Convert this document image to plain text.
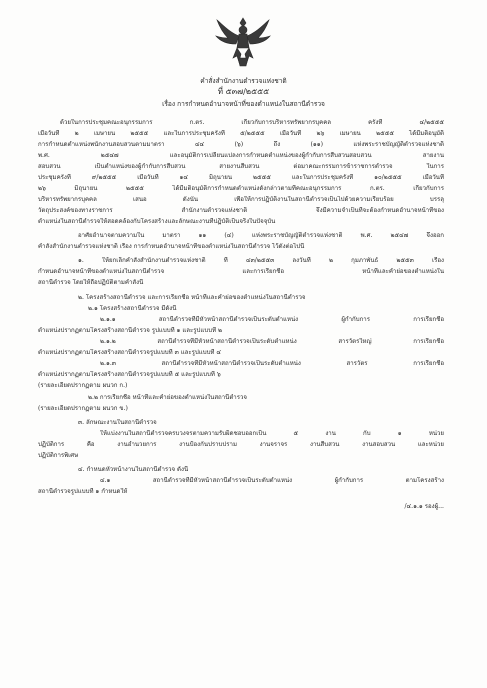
คำสั่งสำนักงานตำรวจแห่งชาติ
ที่ ๕๓๗/๒๕๕๕
เรื่อง การกำหนดอำนาจหน้าที่ของตำแหน่งในสถานีตำรวจ
ด้วยในการประชุมคณะอนุกรรมการ ก.ตร. เกี่ยวกับการบริหารทรัพยากรบุคคล ครั้งที่ ๔/๒๕๕๕
เมื่อวันที่ ๒ เมษายน ๒๕๕๕ และในการประชุมครั้งที่ ๕/๒๕๕๕ เมื่อวันที่ ๒๖ เมษายน ๒๕๕๕ ได้มีมติอนุมัติ
การกำหนดตำแหน่งพนักงานสอบสวนตามมาตรา ๔๔ (๖) ถึง (๑๑) แห่งพระราชบัญญัติตำรวจแห่งชาติ
พ.ศ. ๒๕๔๗ และอนุมัติการเปลี่ยนแปลงการกำหนดตำแหน่งของผู้กำกับการสืบสวนสอบสวน สายงาน
สอบสวน เป็นตำแหน่งของผู้กำกับการสืบสวน สายงานสืบสวน ต่อมาคณะกรรมการข้าราชการตำรวจ ในการ
ประชุมครั้งที่ ๙/๒๕๕๕ เมื่อวันที่ ๑๔ มิถุนายน ๒๕๕๕ และในการประชุมครั้งที่ ๑๐/๒๕๕๕ เมื่อวันที่
๒๖ มิถุนายน ๒๕๕๕ ได้มีมติอนุมัติการกำหนดตำแหน่งดังกล่าวตามที่คณะอนุกรรมการ ก.ตร. เกี่ยวกับการ
บริหารทรัพยากรบุคคล เสนอ ดังนั้น เพื่อให้การปฏิบัติงานในสถานีตำรวจเป็นไปด้วยความเรียบร้อย บรรลุ
วัตถุประสงค์ของทางราชการ สำนักงานตำรวจแห่งชาติ จึงมีความจำเป็นที่จะต้องกำหนดอำนาจหน้าที่ของ
ตำแหน่งในสถานีตำรวจให้สอดคล้องกับโครงสร้างและลักษณะงานที่ปฏิบัติเป็นจริงในปัจจุบัน
อาศัยอำนาจตามความใน มาตรา ๑๑ (๔) แห่งพระราชบัญญัติตำรวจแห่งชาติ พ.ศ. ๒๕๔๗ จึงออก
คำสั่งสำนักงานตำรวจแห่งชาติ เรื่อง การกำหนดอำนาจหน้าที่ของตำแหน่งในสถานีตำรวจ ไว้ดังต่อไปนี้
๑. ให้ยกเลิกคำสั่งสำนักงานตำรวจแห่งชาติ ที่ ๔๓/๒๕๕๓ ลงวันที่ ๒ กุมภาพันธ์ ๒๕๕๓ เรื่อง
กำหนดอำนาจหน้าที่ของตำแหน่งในสถานีตำรวจ และการเรียกชื่อ หน้าที่และคำย่อของตำแหน่งใน
สถานีตำรวจ โดยให้ถือปฏิบัติตามคำสั่งนี้
๒. โครงสร้างสถานีตำรวจ และการเรียกชื่อ หน้าที่และคำย่อของตำแหน่งในสถานีตำรวจ
๒.๑ โครงสร้างสถานีตำรวจ มีดังนี้
๒.๑.๑ สถานีตำรวจที่มีหัวหน้าสถานีตำรวจเป็นระดับตำแหน่ง ผู้กำกับการ การเรียกชื่อ
ตำแหน่งปรากฏตามโครงสร้างสถานีตำรวจ รูปแบบที่ ๑ และรูปแบบที่ ๒
๒.๑.๒ สถานีตำรวจที่มีหัวหน้าสถานีตำรวจเป็นระดับตำแหน่ง สารวัตรใหญ่ การเรียกชื่อ
ตำแหน่งปรากฏตามโครงสร้างสถานีตำรวจรูปแบบที่ ๓ และรูปแบบที่ ๔
๒.๑.๓ สถานีตำรวจที่มีหัวหน้าสถานีตำรวจเป็นระดับตำแหน่ง สารวัตร การเรียกชื่อ
ตำแหน่งปรากฏตามโครงสร้างสถานีตำรวจรูปแบบที่ ๕ และรูปแบบที่ ๖
(รายละเอียดปรากฏตาม ผนวก ก.)
๒.๒ การเรียกชื่อ หน้าที่และคำย่อของตำแหน่งในสถานีตำรวจ
(รายละเอียดปรากฏตาม ผนวก ข.)
๓. ลักษณะงานในสถานีตำรวจ
ให้แบ่งงานในสถานีตำรวจครบวงจรตามความรับผิดชอบออกเป็น ๕ งาน กับ ๑ หน่วย
ปฏิบัติการ คือ งานอำนวยการ งานป้องกันปราบปราม งานจราจร งานสืบสวน งานสอบสวน และหน่วย
ปฏิบัติการพิเศษ
๔. กำหนดหัวหน้างานในสถานีตำรวจ ดังนี้
๔.๑ สถานีตำรวจที่มีหัวหน้าสถานีตำรวจเป็นระดับตำแหน่ง ผู้กำกับการ ตามโครงสร้าง
สถานีตำรวจรูปแบบที่ ๑ กำหนดให้
/๔.๑.๑ รองผู้...
